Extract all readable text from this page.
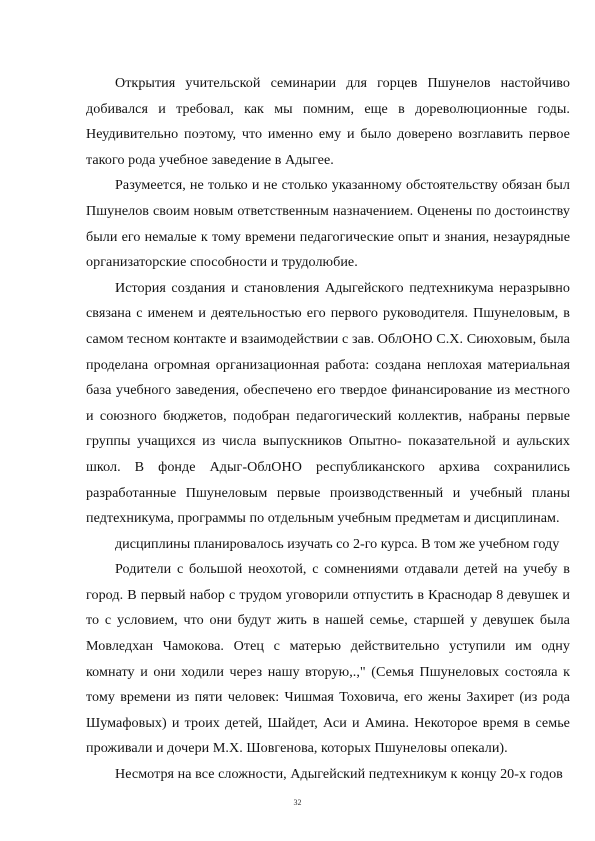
Открытия учительской семинарии для горцев Пшунелов настойчиво добивался и требовал, как мы помним, еще в дореволюционные годы. Неудивительно поэтому, что именно ему и было доверено возглавить первое такого рода учебное заведение в Адыгее.

Разумеется, не только и не столько указанному обстоятельству обязан был Пшунелов своим новым ответственным назначением. Оценены по достоинству были его немалые к тому времени педагогические опыт и знания, незаурядные организаторские способности и трудолюбие.

История создания и становления Адыгейского педтехникума неразрывно связана с именем и деятельностью его первого руководителя. Пшунеловым, в самом тесном контакте и взаимодействии с зав. ОблОНО С.Х. Сиюховым, была проделана огромная организационная работа: создана неплохая материальная база учебного заведения, обеспечено его твердое финансирование из местного и союзного бюджетов, подобран педагогический коллектив, набраны первые группы учащихся из числа выпускников Опытно- показательной и аульских школ. В фонде Адыг-ОблОНО республиканского архива сохранились разработанные Пшунеловым первые производственный и учебный планы педтехникума, программы по отдельным учебным предметам и дисциплинам.

дисциплины планировалось изучать со 2-го курса. В том же учебном году

Родители с большой неохотой, с сомнениями отдавали детей на учебу в город. В первый набор с трудом уговорили отпустить в Краснодар 8 девушек и то с условием, что они будут жить в нашей семье, старшей у девушек была Мовледхан Чамокова. Отец с матерью действительно уступили им одну комнату и они ходили через нашу вторую,.," (Семья Пшунеловых состояла к тому времени из пяти человек: Чишмая Тоховича, его жены Захирет (из рода Шумафовых) и троих детей, Шайдет, Аси и Амина. Некоторое время в семье проживали и дочери М.Х. Шовгенова, которых Пшунеловы опекали).

Несмотря на все сложности, Адыгейский педтехникум к концу 20-х годов

32
